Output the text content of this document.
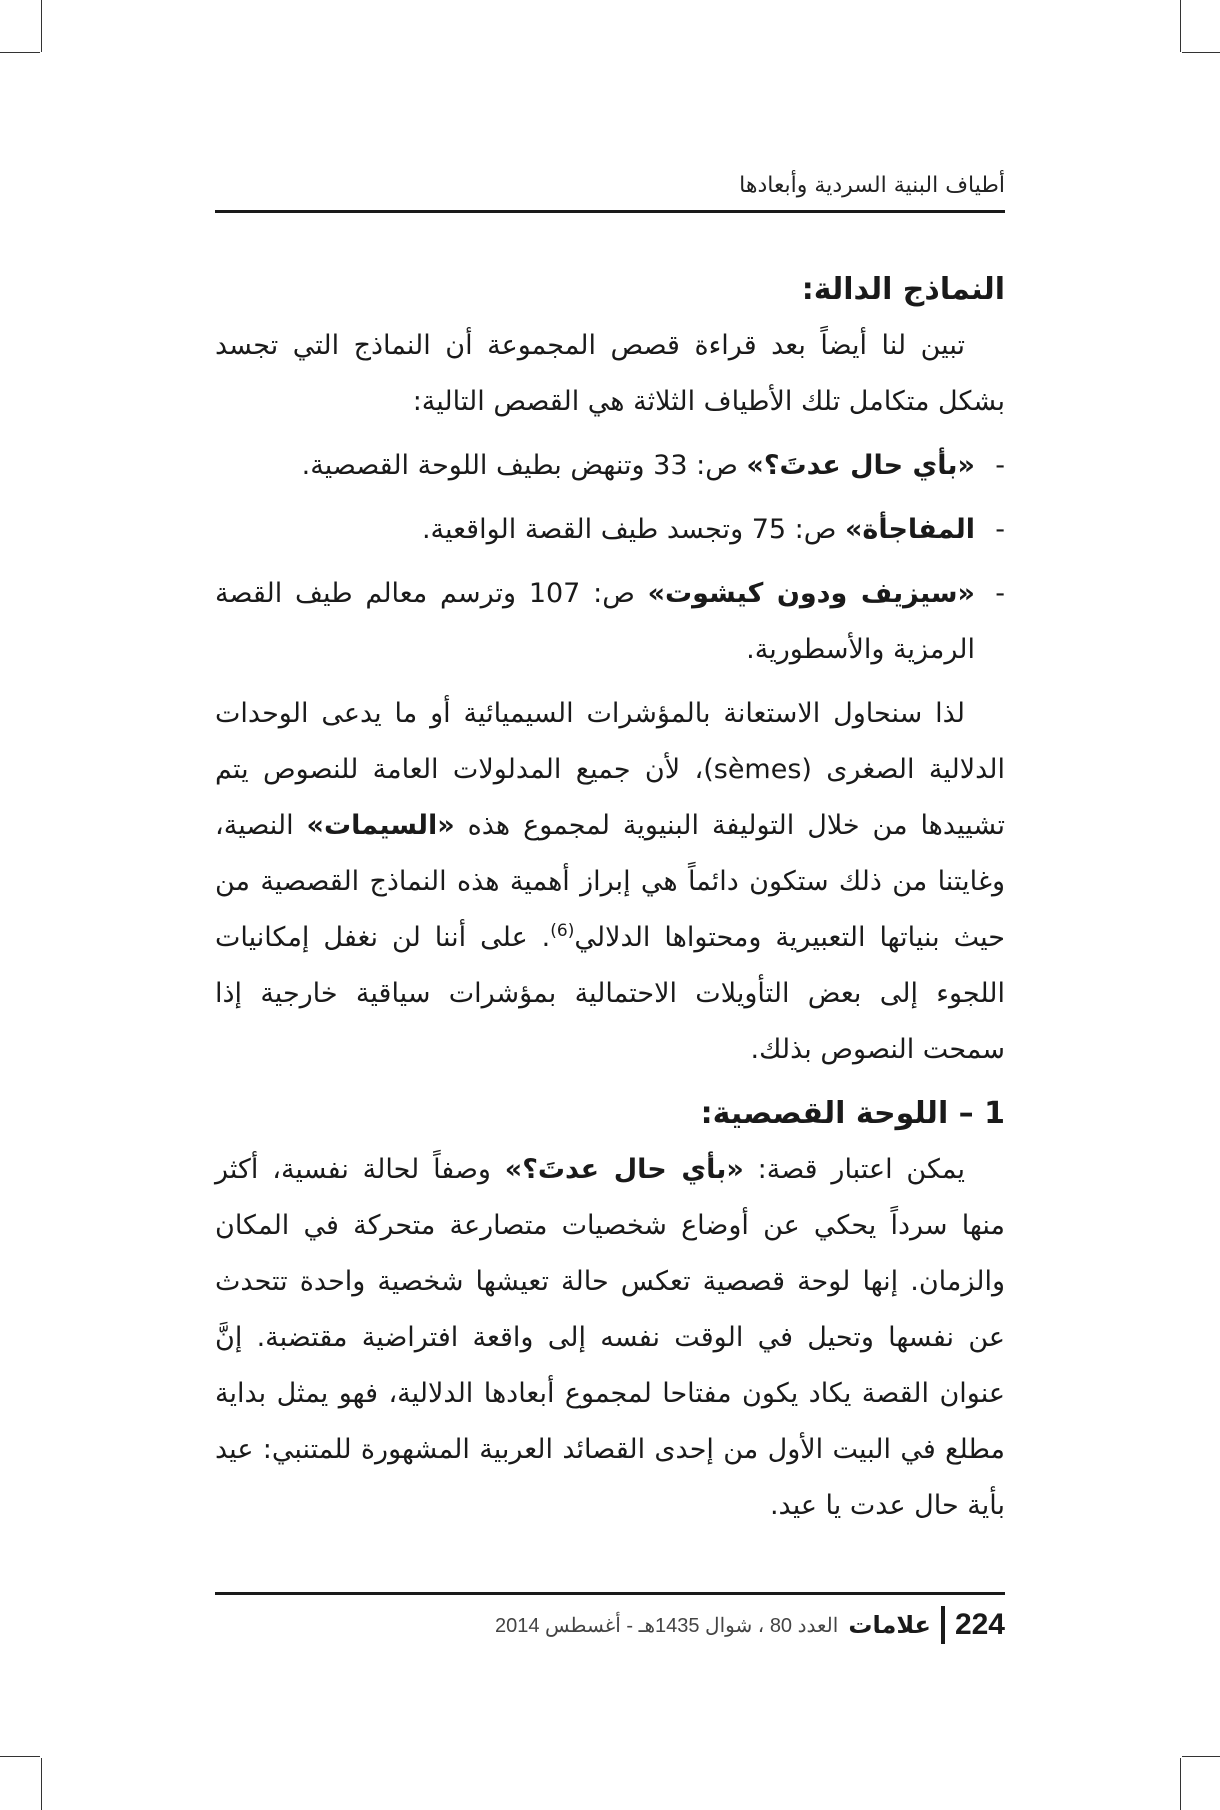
أطياف البنية السردية وأبعادها

النماذج الدالة:

تبين لنا أيضاً بعد قراءة قصص المجموعة أن النماذج التي تجسد بشكل متكامل تلك الأطياف الثلاثة هي القصص التالية:

-
«بأي حال عدتَ؟» ص: 33 وتنهض بطيف اللوحة القصصية.

-
المفاجأة» ص: 75 وتجسد طيف القصة الواقعية.

-
«سيزيف ودون كيشوت» ص: 107 وترسم معالم طيف القصة الرمزية والأسطورية.

لذا سنحاول الاستعانة بالمؤشرات السيميائية أو ما يدعى الوحدات الدلالية الصغرى (sèmes)، لأن جميع المدلولات العامة للنصوص يتم تشييدها من خلال التوليفة البنيوية لمجموع هذه «السيمات» النصية، وغايتنا من ذلك ستكون دائماً هي إبراز أهمية هذه النماذج القصصية من حيث بنياتها التعبيرية ومحتواها الدلالي$^{(6)}$. على أننا لن نغفل إمكانيات اللجوء إلى بعض التأويلات الاحتمالية بمؤشرات سياقية خارجية إذا سمحت النصوص بذلك.

1 – اللوحة القصصية:

يمكن اعتبار قصة: «بأي حال عدتَ؟» وصفاً لحالة نفسية، أكثر منها سرداً يحكي عن أوضاع شخصيات متصارعة متحركة في المكان والزمان. إنها لوحة قصصية تعكس حالة تعيشها شخصية واحدة تتحدث عن نفسها وتحيل في الوقت نفسه إلى واقعة افتراضية مقتضبة. إنَّ عنوان القصة يكاد يكون مفتاحا لمجموع أبعادها الدلالية، فهو يمثل بداية مطلع في البيت الأول من إحدى القصائد العربية المشهورة للمتنبي: عيد بأية حال عدت يا عيد.

224
علامات
العدد 80 ، شوال 1435هـ - أغسطس 2014
